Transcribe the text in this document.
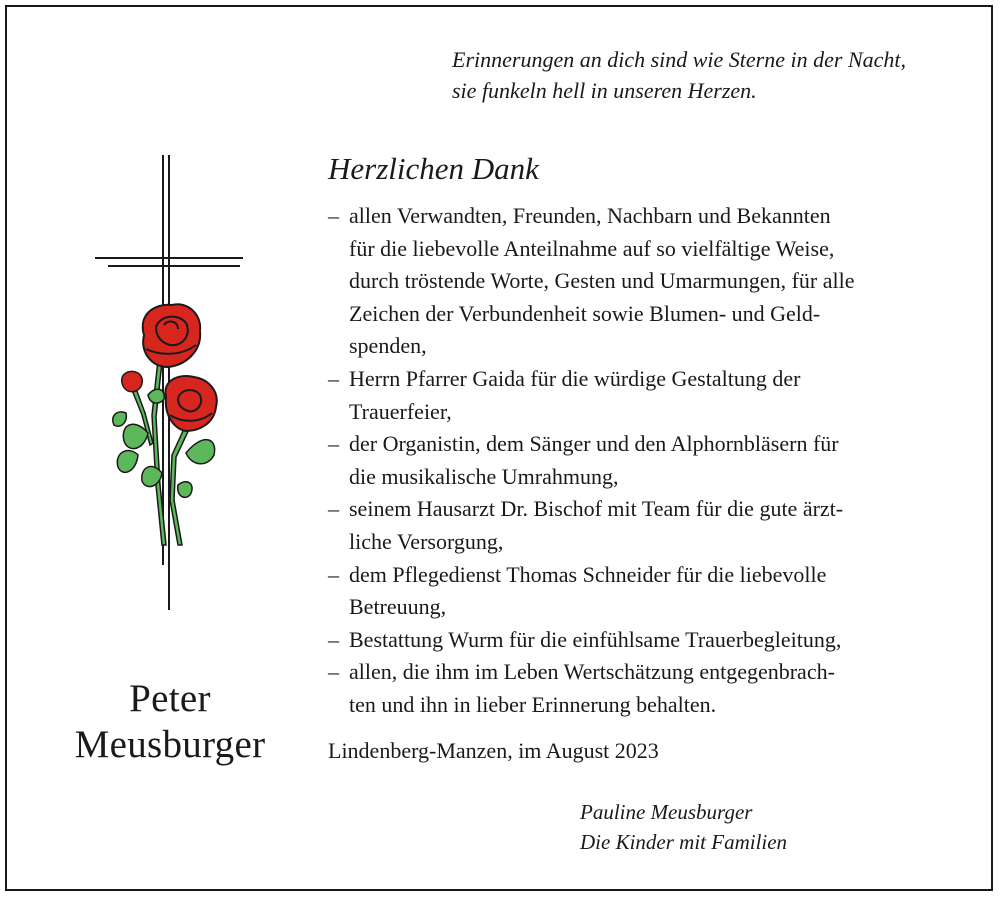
Erinnerungen an dich sind wie Sterne in der Nacht,
sie funkeln hell in unseren Herzen.
Herzlichen Dank
– allen Verwandten, Freunden, Nachbarn und Bekannten
für die liebevolle Anteilnahme auf so vielfältige Weise,
durch tröstende Worte, Gesten und Umarmungen, für alle
Zeichen der Verbundenheit sowie Blumen- und Geld-
spenden,
– Herrn Pfarrer Gaida für die würdige Gestaltung der
Trauerfeier,
– der Organistin, dem Sänger und den Alphornbläsern für
die musikalische Umrahmung,
– seinem Hausarzt Dr. Bischof mit Team für die gute ärzt-
liche Versorgung,
– dem Pflegedienst Thomas Schneider für die liebevolle
Betreuung,
– Bestattung Wurm für die einfühlsame Trauerbegleitung,
– allen, die ihm im Leben Wertschätzung entgegenbrach-
ten und ihn in lieber Erinnerung behalten.
Lindenberg-Manzen, im August 2023
Pauline Meusburger
Die Kinder mit Familien
Peter
Meusburger
